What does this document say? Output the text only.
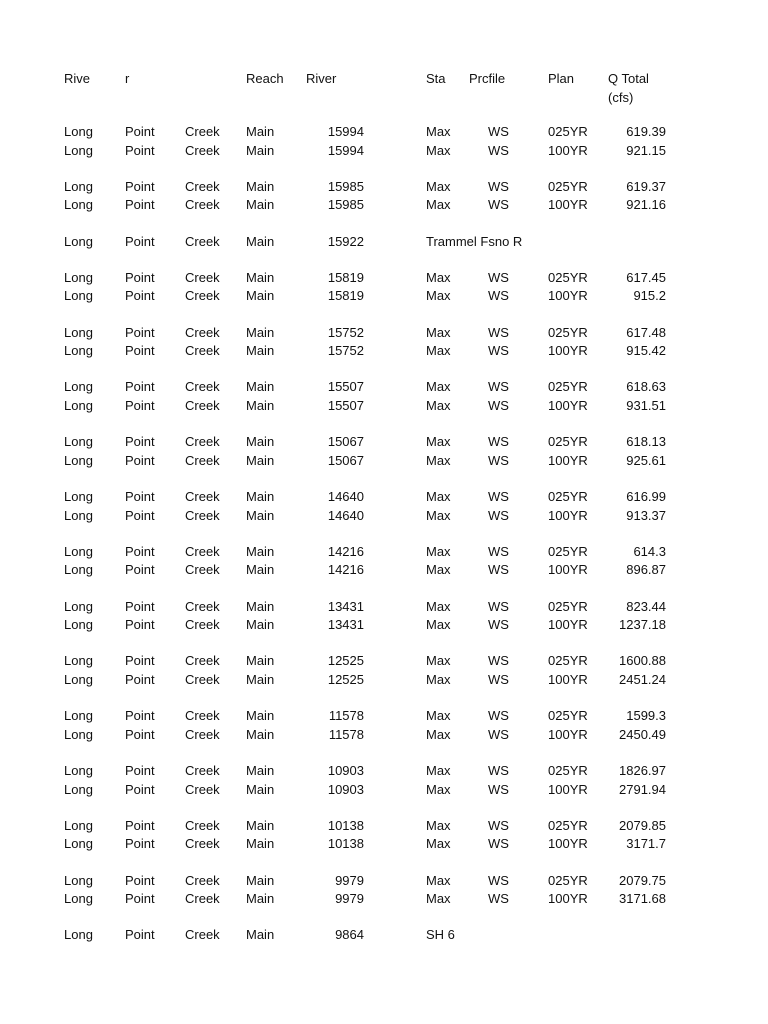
Rive	r	Reach River	Sta Prcfile	Plan	Q Total
(cfs)
Long Point Creek Main	15994	Max	WS	025YR	619.39
Long Point Creek Main	15994	Max	WS	100YR	921.15
Long Point Creek Main	15985	Max	WS	025YR	619.37
Long Point Creek Main	15985	Max	WS	100YR	921.16
Long Point Creek Main	15922	Trammel Fsno R
Long Point Creek Main	15819	Max	WS	025YR	617.45
Long Point Creek Main	15819	Max	WS	100YR	915.2
Long Point Creek Main	15752	Max	WS	025YR	617.48
Long Point Creek Main	15752	Max	WS	100YR	915.42
Long Point Creek Main	15507	Max	WS	025YR	618.63
Long Point Creek Main	15507	Max	WS	100YR	931.51
Long Point Creek Main	15067	Max	WS	025YR	618.13
Long Point Creek Main	15067	Max	WS	100YR	925.61
Long Point Creek Main	14640	Max	WS	025YR	616.99
Long Point Creek Main	14640	Max	WS	100YR	913.37
Long Point Creek Main	14216	Max	WS	025YR	614.3
Long Point Creek Main	14216	Max	WS	100YR	896.87
Long Point Creek Main	13431	Max	WS	025YR	823.44
Long Point Creek Main	13431	Max	WS	100YR	1237.18
Long Point Creek Main	12525	Max	WS	025YR	1600.88
Long Point Creek Main	12525	Max	WS	100YR	2451.24
Long Point Creek Main	11578	Max	WS	025YR	1599.3
Long Point Creek Main	11578	Max	WS	100YR	2450.49
Long Point Creek Main	10903	Max	WS	025YR	1826.97
Long Point Creek Main	10903	Max	WS	100YR	2791.94
Long Point Creek Main	10138	Max	WS	025YR	2079.85
Long Point Creek Main	10138	Max	WS	100YR	3171.7
Long Point Creek Main	9979	Max	WS	025YR	2079.75
Long Point Creek Main	9979	Max	WS	100YR	3171.68
Long Point Creek Main	9864	SH 6
